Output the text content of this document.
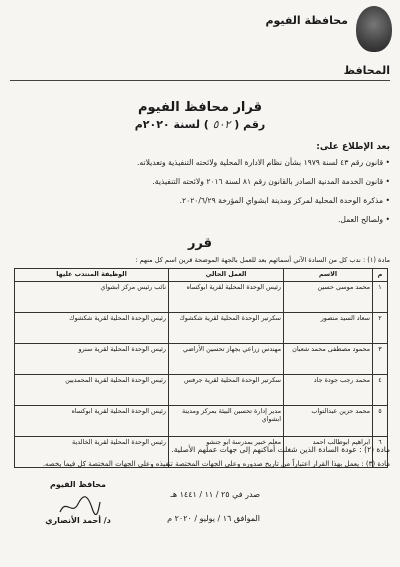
محافظة الفيوم
المحافظ
قرار محافظ الفيوم
رقم ( ٥٠٢ ) لسنة ٢٠٢٠م
بعد الإطلاع على:
• قانون رقم ٤٣ لسنة ١٩٧٩ بشأن نظام الادارة المحلية ولائحته التنفيذية وتعديلاته.
• قانون الخدمة المدنية الصادر بالقانون رقم ٨١ لسنة ٢٠١٦ ولائحته التنفيذية.
• مذكرة الوحدة المحلية لمركز ومدينة ابشواي المؤرخة ٢٠٢٠/٦/٢٩.
• ولصالح العمل.
قرر
مادة (١) : ندب كل من السادة الآتي أسمائهم بعد للعمل بالجهة الموضحة قرين اسم كل منهم :
م	الاسم	العمل الحالي	الوظيفة المنتدب عليها
١	محمد موسى حسين	رئيس الوحدة المحلية لقرية ابوكساه	نائب رئيس مركز ابشواي
٢	سعاد السيد منصور	سكرتير الوحدة المحلية لقرية شكشوك	رئيس الوحدة المحلية لقرية شكشوك
٣	محمود مصطفى محمد شعبان	مهندس زراعي بجهاز تحسين الأراضي	رئيس الوحدة المحلية لقرية سنرو
٤	محمد رجب جودة جاد	سكرتير الوحدة المحلية لقرية جرفس	رئيس الوحدة المحلية لقرية المحمديين
٥	محمد حزين عبدالتواب	مدير إدارة تحسين البيئة بمركز ومدينة ابشواي	رئيس الوحدة المحلية لقرية ابوكساه
٦	ابراهيم ابوطالب احمد	معلم خبير بمدرسة ابو جنشو	رئيس الوحدة المحلية لقرية الخالدية
مادة (٢) : عودة السادة الذين شغلت أماكنهم إلى جهات عملهم الأصلية.
مادة (٣) : يعمل بهذا القرار اعتباراً من تاريخ صدوره وعلى الجهات المختصة تنفيذه وعلى الجهات المختصة كل فيما يخصه.
صدر في ٢٥ / ١١ / ١٤٤١ هـ
الموافق ١٦ / يوليو / ٢٠٢٠ م
محافظ الفيوم
د/ أحمد الأنصاري
